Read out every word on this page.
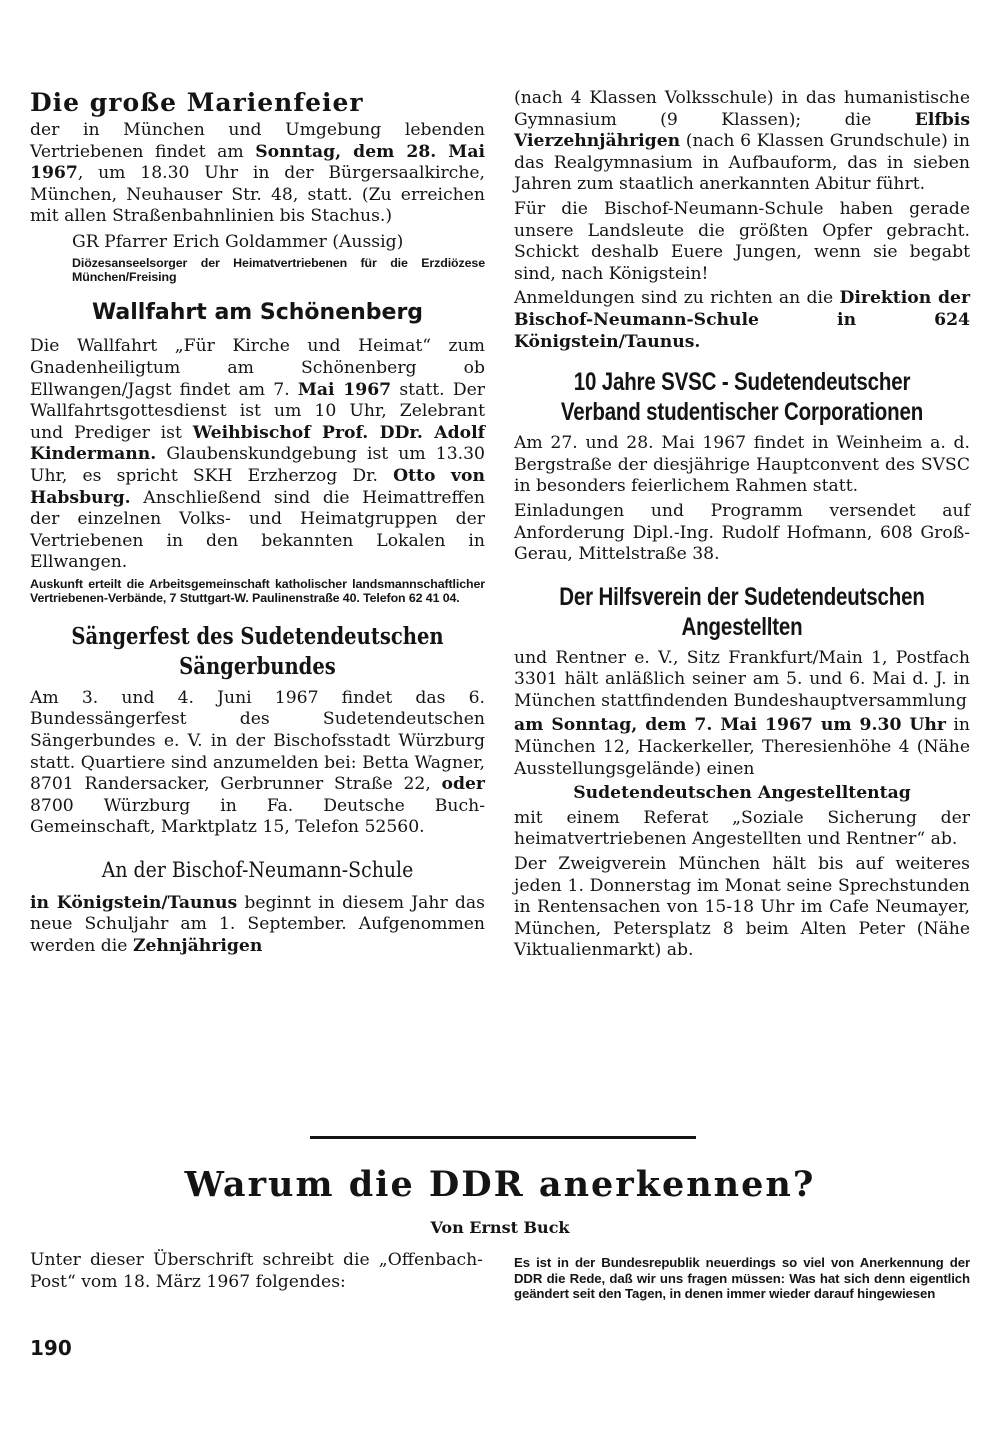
Die große Marienfeier

der in München und Umgebung lebenden Vertriebenen findet am Sonntag, dem 28. Mai 1967, um 18.30 Uhr in der Bürgersaalkirche, München, Neuhauser Str. 48, statt. (Zu erreichen mit allen Straßenbahnlinien bis Stachus.)

GR Pfarrer Erich Goldammer (Aussig)

Diözesanseelsorger der Heimatvertriebenen für die Erzdiözese München/Freising

Wallfahrt am Schönenberg

Die Wallfahrt „Für Kirche und Heimat“ zum Gnadenheiligtum am Schönenberg ob Ellwangen/Jagst findet am 7. Mai 1967 statt. Der Wallfahrtsgottesdienst ist um 10 Uhr, Zelebrant und Prediger ist Weihbischof Prof. DDr. Adolf Kindermann. Glaubenskundgebung ist um 13.30 Uhr, es spricht SKH Erzherzog Dr. Otto von Habsburg. Anschließend sind die Heimattreffen der einzelnen Volks- und Heimatgruppen der Vertriebenen in den bekannten Lokalen in Ellwangen.

Auskunft erteilt die Arbeitsgemeinschaft katholischer landsmannschaftlicher Vertriebenen-Verbände, 7 Stuttgart-W. Paulinenstraße 40. Telefon 62 41 04.

Sängerfest des Sudetendeutschen Sängerbundes

Am 3. und 4. Juni 1967 findet das 6. Bundessängerfest des Sudetendeutschen Sängerbundes e. V. in der Bischofsstadt Würzburg statt. Quartiere sind anzumelden bei: Betta Wagner, 8701 Randersacker, Gerbrunner Straße 22, oder 8700 Würzburg in Fa. Deutsche Buch-Gemeinschaft, Marktplatz 15, Telefon 52560.

An der Bischof-Neumann-Schule

in Königstein/Taunus beginnt in diesem Jahr das neue Schuljahr am 1. September. Aufgenommen werden die Zehnjährigen

(nach 4 Klassen Volksschule) in das humanistische Gymnasium (9 Klassen); die Elfbis Vierzehnjährigen (nach 6 Klassen Grundschule) in das Realgymnasium in Aufbauform, das in sieben Jahren zum staatlich anerkannten Abitur führt.

Für die Bischof-Neumann-Schule haben gerade unsere Landsleute die größten Opfer gebracht. Schickt deshalb Euere Jungen, wenn sie begabt sind, nach Königstein!

Anmeldungen sind zu richten an die Direktion der Bischof-Neumann-Schule in 624 Königstein/Taunus.

10 Jahre SVSC - Sudetendeutscher Verband studentischer Corporationen

Am 27. und 28. Mai 1967 findet in Weinheim a. d. Bergstraße der diesjährige Hauptconvent des SVSC in besonders feierlichem Rahmen statt.

Einladungen und Programm versendet auf Anforderung Dipl.-Ing. Rudolf Hofmann, 608 Groß-Gerau, Mittelstraße 38.

Der Hilfsverein der Sudetendeutschen Angestellten

und Rentner e. V., Sitz Frankfurt/Main 1, Postfach 3301 hält anläßlich seiner am 5. und 6. Mai d. J. in München stattfindenden Bundeshauptversammlung

am Sonntag, dem 7. Mai 1967 um 9.30 Uhr in München 12, Hackerkeller, Theresienhöhe 4 (Nähe Ausstellungsgelände) einen

Sudetendeutschen Angestelltentag

mit einem Referat „Soziale Sicherung der heimatvertriebenen Angestellten und Rentner“ ab.

Der Zweigverein München hält bis auf weiteres jeden 1. Donnerstag im Monat seine Sprechstunden in Rentensachen von 15-18 Uhr im Cafe Neumayer, München, Petersplatz 8 beim Alten Peter (Nähe Viktualienmarkt) ab.

Warum die DDR anerkennen?

Von Ernst Buck

Unter dieser Überschrift schreibt die „Offenbach-Post“ vom 18. März 1967 folgendes:

Es ist in der Bundesrepublik neuerdings so viel von Anerkennung der DDR die Rede, daß wir uns fragen müssen: Was hat sich denn eigentlich geändert seit den Tagen, in denen immer wieder darauf hingewiesen

190
